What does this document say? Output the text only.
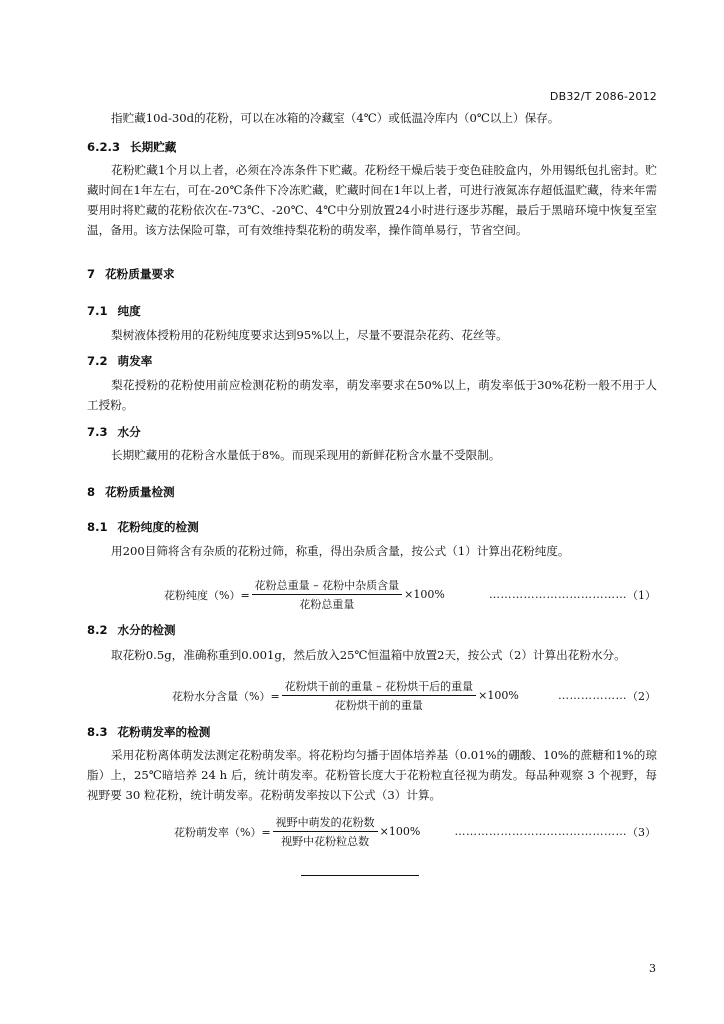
DB32/T 2086-2012
指贮藏10d-30d的花粉，可以在冰箱的冷藏室（4℃）或低温冷库内（0℃以上）保存。
6.2.3 长期贮藏
花粉贮藏1个月以上者，必须在冷冻条件下贮藏。花粉经干燥后装于变色硅胶盒内，外用锡纸包扎密封。贮藏时间在1年左右，可在-20℃条件下冷冻贮藏，贮藏时间在1年以上者，可进行液氮冻存超低温贮藏，待来年需要用时将贮藏的花粉依次在-73℃、-20℃、4℃中分别放置24小时进行逐步苏醒，最后于黑暗环境中恢复至室温，备用。该方法保险可靠，可有效维持梨花粉的萌发率，操作简单易行，节省空间。
7 花粉质量要求
7.1 纯度
梨树液体授粉用的花粉纯度要求达到95%以上，尽量不要混杂花药、花丝等。
7.2 萌发率
梨花授粉的花粉使用前应检测花粉的萌发率，萌发率要求在50%以上，萌发率低于30%花粉一般不用于人工授粉。
7.3 水分
长期贮藏用的花粉含水量低于8%。而现采现用的新鲜花粉含水量不受限制。
8 花粉质量检测
8.1 花粉纯度的检测
用200目筛将含有杂质的花粉过筛，称重，得出杂质含量，按公式（1）计算出花粉纯度。
花粉纯度（%）= $\frac{\text{花粉总重量 – 花粉中杂质含量}}{\text{花粉总重量}} \times 100\%$	……………………………… （1）
8.2 水分的检测
取花粉0.5g，准确称重到0.001g，然后放入25℃恒温箱中放置2天，按公式（2）计算出花粉水分。
花粉水分含量（%）= $\frac{\text{花粉烘干前的重量 – 花粉烘干后的重量}}{\text{花粉烘干前的重量}} \times 100\%$	……………… （2）
8.3 花粉萌发率的检测
采用花粉离体萌发法测定花粉萌发率。将花粉均匀播于固体培养基（0.01%的硼酸、10%的蔗糖和1%的琼脂）上，25℃暗培养 24 h 后，统计萌发率。花粉管长度大于花粉粒直径视为萌发。每品种观察 3 个视野，每视野要 30 粒花粉，统计萌发率。花粉萌发率按以下公式（3）计算。
花粉萌发率（%）= $\frac{\text{视野中萌发的花粉数}}{\text{视野中花粉粒总数}} \times 100\%$	……………………………………… （3）
3
